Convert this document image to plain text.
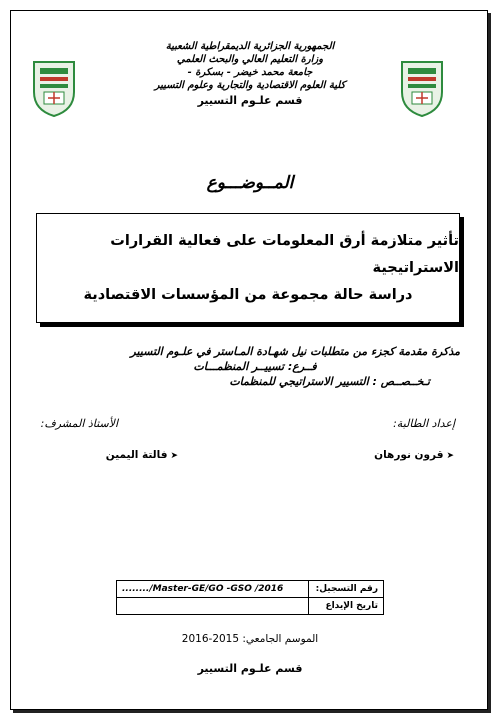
الجمهورية الجزائرية الديمقراطية الشعبية
وزارة التعليم العالي والبحث العلمي
جامعة محمد خيضر - بسكرة -
كلية العلوم الاقتصادية والتجارية وعلوم التسيير
قسم علـوم التسيير
المــوضـــوع
تأثير متلازمة أرق المعلومات على فعالية القرارات الاستراتيجية
دراسة حالة مجموعة من المؤسسات الاقتصادية
مذكرة مقدمة كجزء من متطلبات نيل شهـادة المـاستر في علـوم التسيير
فــرع: تسييــر المنظمـــات
تـخــصــص : التسيير الاستراتيجي للمنظمات
إعداد الطالبة:
➤قرون نورهان
الأستاذ المشرف:
➤فالتة اليمين
......../Master-GE/GO -GSO /2016	رقم التسجيل:
	تاريخ الإيداع
الموسم الجامعي: 2015-2016
قسم علـوم التسيير
